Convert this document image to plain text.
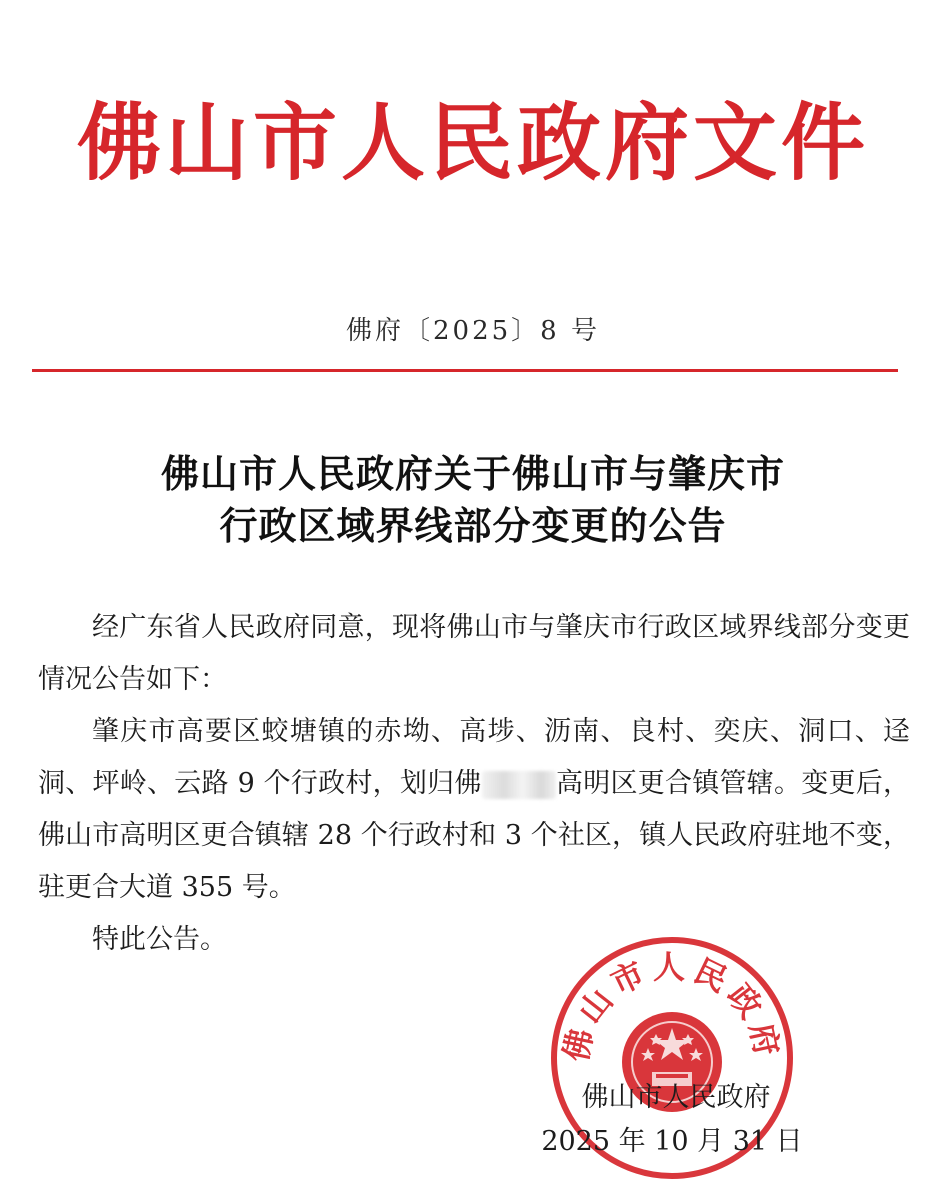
佛山市人民政府文件
佛府〔2025〕8 号
佛山市人民政府关于佛山市与肇庆市
行政区域界线部分变更的公告

经广东省人民政府同意，现将佛山市与肇庆市行政区域界线部分变更情况公告如下：

肇庆市高要区蛟塘镇的赤坳、高埗、沥南、良村、奕庆、洞口、迳洞、坪岭、云路 9 个行政村，划归佛	高明区更合镇管辖。变更后，佛山市高明区更合镇辖 28 个行政村和 3 个社区，镇人民政府驻地不变，驻更合大道 355 号。

特此公告。

佛山市人民政府
佛山市人民政府
2025 年 10 月 31 日
